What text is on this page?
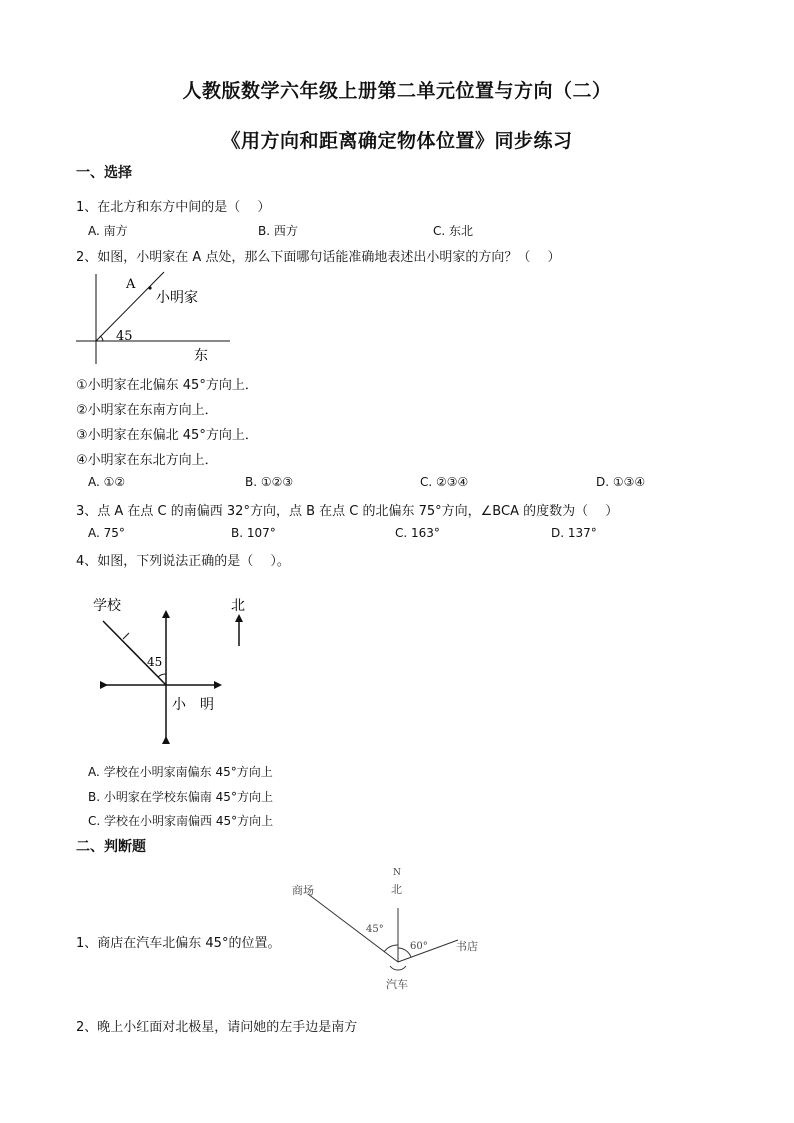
人教版数学六年级上册第二单元位置与方向（二）
《用方向和距离确定物体位置》同步练习
一、选择
1、在北方和东方中间的是（　 ）
A. 南方	B. 西方	C. 东北
2、如图，小明家在 A 点处，那么下面哪句话能准确地表述出小明家的方向？（　 ）
A
小明家
45
东
①小明家在北偏东 45°方向上．
②小明家在东南方向上．
③小明家在东偏北 45°方向上．
④小明家在东北方向上．
A. ①②	B. ①②③	C. ②③④	D. ①③④
3、点 A 在点 C 的南偏西 32°方向，点 B 在点 C 的北偏东 75°方向，∠BCA 的度数为（　 ）
A. 75°	B. 107°	C. 163°	D. 137°
4、如图，下列说法正确的是（　 ）。
学校
45
小　明
北
A. 学校在小明家南偏东 45°方向上
B. 小明家在学校东偏南 45°方向上
C. 学校在小明家南偏西 45°方向上
二、判断题
1、商店在汽车北偏东 45°的位置。
N
北
商场
45°
60°	书店
汽车
2、晚上小红面对北极星，请问她的左手边是南方
